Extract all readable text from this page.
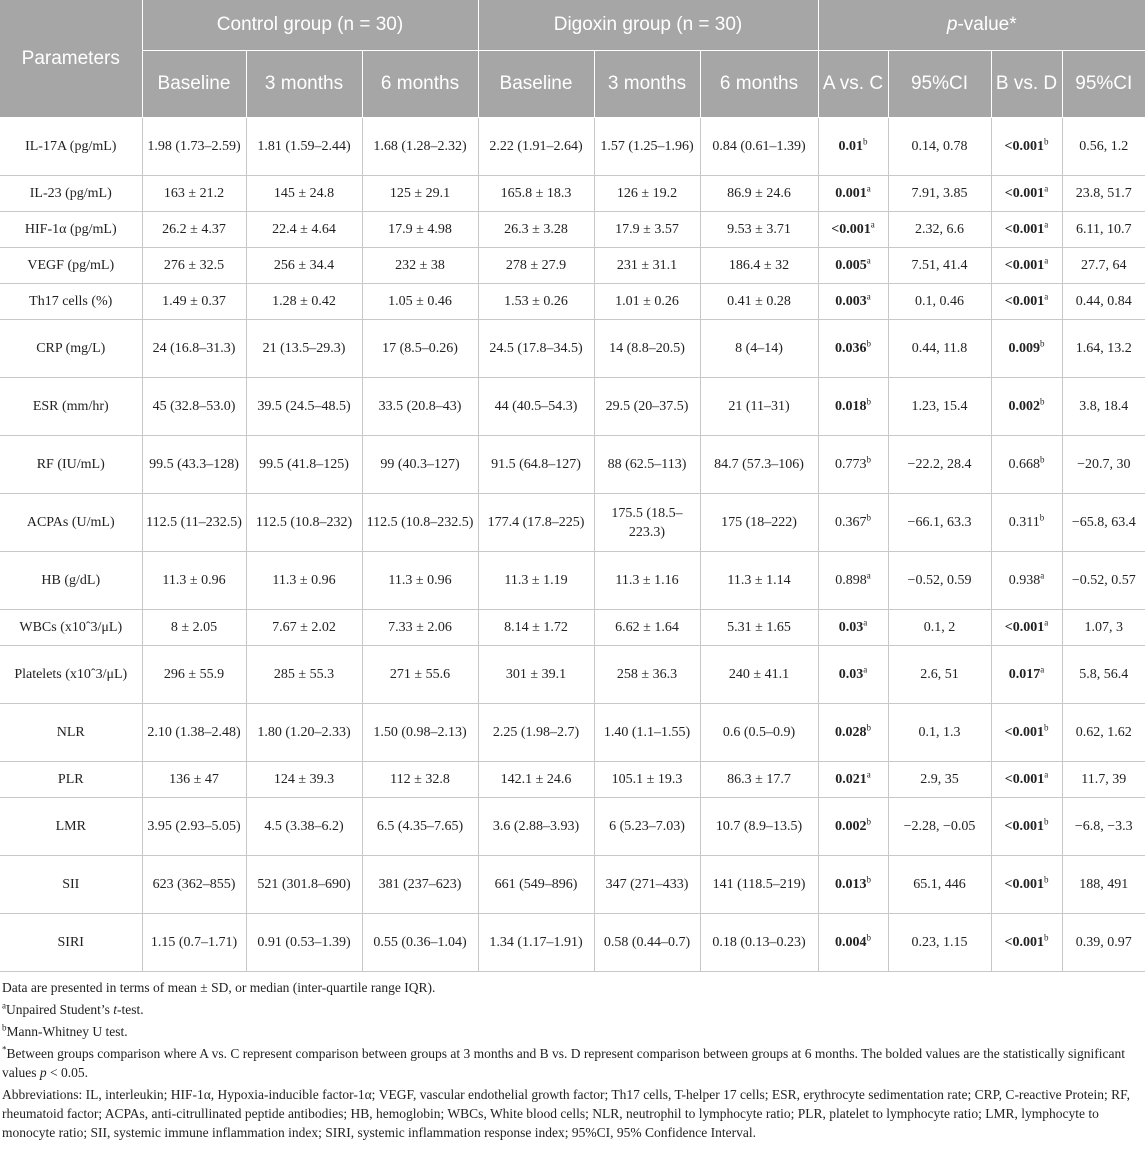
Parameters	Control group (n = 30)			Digoxin group (n = 30)			p-value*			
	Baseline	3 months	6 months	Baseline	3 months	6 months	A vs. C	95%CI	B vs. D	95%CI
IL-17A (pg/mL)	1.98 (1.73–2.59)	1.81 (1.59–2.44)	1.68 (1.28–2.32)	2.22 (1.91–2.64)	1.57 (1.25–1.96)	0.84 (0.61–1.39)	0.01$^b$	0.14, 0.78	<0.001$^b$	0.56, 1.2
IL-23 (pg/mL)	163 ± 21.2	145 ± 24.8	125 ± 29.1	165.8 ± 18.3	126 ± 19.2	86.9 ± 24.6	0.001$^a$	7.91, 3.85	<0.001$^a$	23.8, 51.7
HIF-1α (pg/mL)	26.2 ± 4.37	22.4 ± 4.64	17.9 ± 4.98	26.3 ± 3.28	17.9 ± 3.57	9.53 ± 3.71	<0.001$^a$	2.32, 6.6	<0.001$^a$	6.11, 10.7
VEGF (pg/mL)	276 ± 32.5	256 ± 34.4	232 ± 38	278 ± 27.9	231 ± 31.1	186.4 ± 32	0.005$^a$	7.51, 41.4	<0.001$^a$	27.7, 64
Th17 cells (%)	1.49 ± 0.37	1.28 ± 0.42	1.05 ± 0.46	1.53 ± 0.26	1.01 ± 0.26	0.41 ± 0.28	0.003$^a$	0.1, 0.46	<0.001$^a$	0.44, 0.84
CRP (mg/L)	24 (16.8–31.3)	21 (13.5–29.3)	17 (8.5–0.26)	24.5 (17.8–34.5)	14 (8.8–20.5)	8 (4–14)	0.036$^b$	0.44, 11.8	0.009$^b$	1.64, 13.2
ESR (mm/hr)	45 (32.8–53.0)	39.5 (24.5–48.5)	33.5 (20.8–43)	44 (40.5–54.3)	29.5 (20–37.5)	21 (11–31)	0.018$^b$	1.23, 15.4	0.002$^b$	3.8, 18.4
RF (IU/mL)	99.5 (43.3–128)	99.5 (41.8–125)	99 (40.3–127)	91.5 (64.8–127)	88 (62.5–113)	84.7 (57.3–106)	0.773$^b$	−22.2, 28.4	0.668$^b$	−20.7, 30
ACPAs (U/mL)	112.5 (11–232.5)	112.5 (10.8–232)	112.5 (10.8–232.5)	177.4 (17.8–225)	175.5 (18.5–223.3)	175 (18–222)	0.367$^b$	−66.1, 63.3	0.311$^b$	−65.8, 63.4
HB (g/dL)	11.3 ± 0.96	11.3 ± 0.96	11.3 ± 0.96	11.3 ± 1.19	11.3 ± 1.16	11.3 ± 1.14	0.898$^a$	−0.52, 0.59	0.938$^a$	−0.52, 0.57
WBCs (x10ˆ3/μL)	8 ± 2.05	7.67 ± 2.02	7.33 ± 2.06	8.14 ± 1.72	6.62 ± 1.64	5.31 ± 1.65	0.03$^a$	0.1, 2	<0.001$^a$	1.07, 3
Platelets (x10ˆ3/μL)	296 ± 55.9	285 ± 55.3	271 ± 55.6	301 ± 39.1	258 ± 36.3	240 ± 41.1	0.03$^a$	2.6, 51	0.017$^a$	5.8, 56.4
NLR	2.10 (1.38–2.48)	1.80 (1.20–2.33)	1.50 (0.98–2.13)	2.25 (1.98–2.7)	1.40 (1.1–1.55)	0.6 (0.5–0.9)	0.028$^b$	0.1, 1.3	<0.001$^b$	0.62, 1.62
PLR	136 ± 47	124 ± 39.3	112 ± 32.8	142.1 ± 24.6	105.1 ± 19.3	86.3 ± 17.7	0.021$^a$	2.9, 35	<0.001$^a$	11.7, 39
LMR	3.95 (2.93–5.05)	4.5 (3.38–6.2)	6.5 (4.35–7.65)	3.6 (2.88–3.93)	6 (5.23–7.03)	10.7 (8.9–13.5)	0.002$^b$	−2.28, −0.05	<0.001$^b$	−6.8, −3.3
SII	623 (362–855)	521 (301.8–690)	381 (237–623)	661 (549–896)	347 (271–433)	141 (118.5–219)	0.013$^b$	65.1, 446	<0.001$^b$	188, 491
SIRI	1.15 (0.7–1.71)	0.91 (0.53–1.39)	0.55 (0.36–1.04)	1.34 (1.17–1.91)	0.58 (0.44–0.7)	0.18 (0.13–0.23)	0.004$^b$	0.23, 1.15	<0.001$^b$	0.39, 0.97

Data are presented in terms of mean ± SD, or median (inter-quartile range IQR).

$^a$Unpaired Student’s t-test.

$^b$Mann-Whitney U test.

*Between groups comparison where A vs. C represent comparison between groups at 3 months and B vs. D represent comparison between groups at 6 months. The bolded values are the statistically significant values p < 0.05.

Abbreviations: IL, interleukin; HIF-1α, Hypoxia-inducible factor-1α; VEGF, vascular endothelial growth factor; Th17 cells, T-helper 17 cells; ESR, erythrocyte sedimentation rate; CRP, C-reactive Protein; RF, rheumatoid factor; ACPAs, anti-citrullinated peptide antibodies; HB, hemoglobin; WBCs, White blood cells; NLR, neutrophil to lymphocyte ratio; PLR, platelet to lymphocyte ratio; LMR, lymphocyte to monocyte ratio; SII, systemic immune inflammation index; SIRI, systemic inflammation response index; 95%CI, 95% Confidence Interval.
